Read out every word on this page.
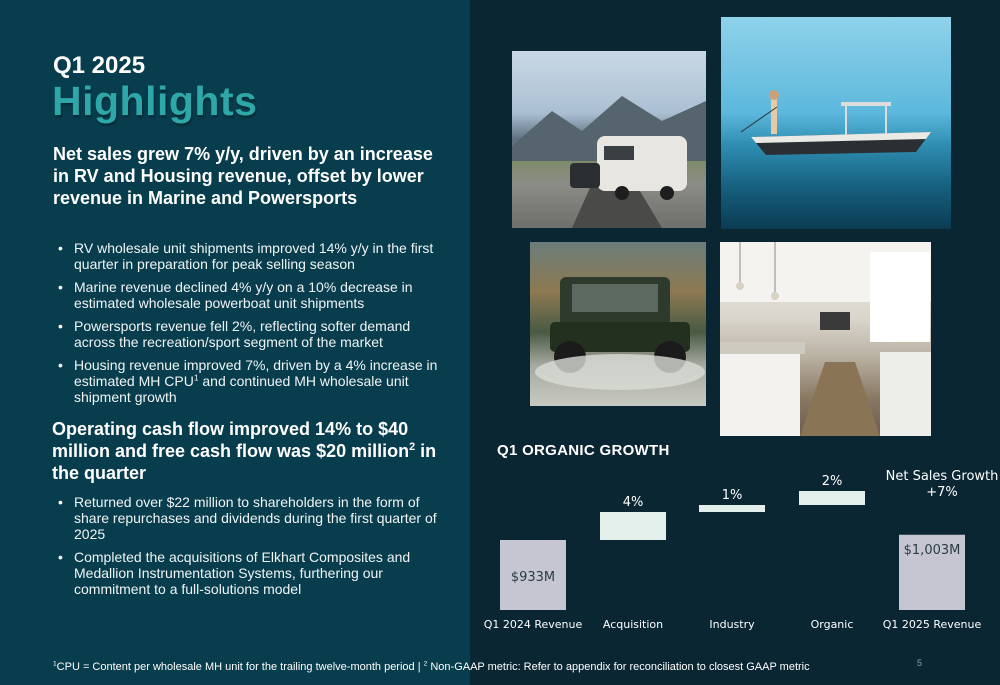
Q1 2025
Highlights
Net sales grew 7% y/y, driven by an increase in RV and Housing revenue, offset by lower revenue in Marine and Powersports
• RV wholesale unit shipments improved 14% y/y in the first quarter in preparation for peak selling season
• Marine revenue declined 4% y/y on a 10% decrease in estimated wholesale powerboat unit shipments
• Powersports revenue fell 2%, reflecting softer demand across the recreation/sport segment of the market
• Housing revenue improved 7%, driven by a 4% increase in estimated MH CPU$^1$ and continued MH wholesale unit shipment growth
Operating cash flow improved 14% to $40 million and free cash flow was $20 million$^2$ in the quarter
• Returned over $22 million to shareholders in the form of share repurchases and dividends during the first quarter of 2025
• Completed the acquisitions of Elkhart Composites and Medallion Instrumentation Systems, furthering our commitment to a full-solutions model
Q1 ORGANIC GROWTH
$933M
Q1 2024 Revenue
4%
Acquisition
1%
Industry
2%
Organic
$1,003M
Q1 2025 Revenue
Net Sales Growth
+7%
$^1$CPU = Content per wholesale MH unit for the trailing twelve-month period | $^2$ Non-GAAP metric: Refer to appendix for reconciliation to closest GAAP metric	5
